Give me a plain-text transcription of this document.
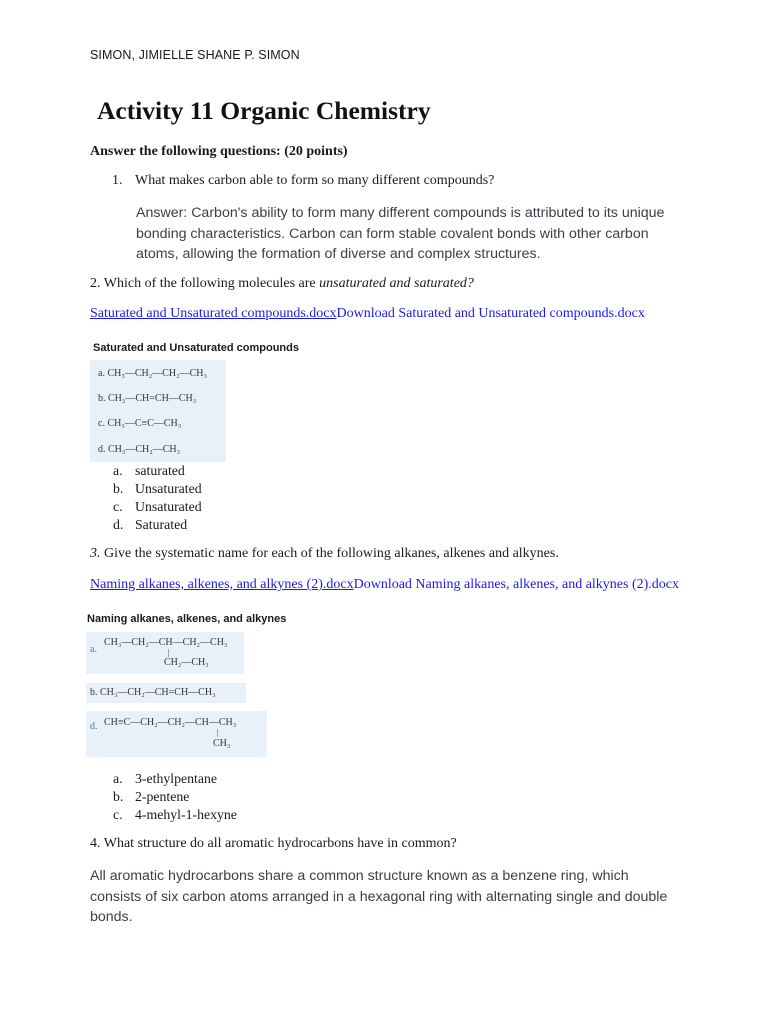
SIMON, JIMIELLE SHANE P. SIMON
Activity 11 Organic Chemistry
Answer the following questions: (20 points)
1. What makes carbon able to form so many different compounds?
Answer: Carbon's ability to form many different compounds is attributed to its unique bonding characteristics. Carbon can form stable covalent bonds with other carbon atoms, allowing the formation of diverse and complex structures.
2. Which of the following molecules are unsaturated and saturated?
Saturated and Unsaturated compounds.docxDownload Saturated and Unsaturated compounds.docx
Saturated and Unsaturated compounds
a. CH₃—CH₂—CH₂—CH₃
b. CH₃—CH=CH—CH₃
c. CH₃—C≡C—CH₃
d. CH₃—CH₂—CH₃
a. saturated
b. Unsaturated
c. Unsaturated
d. Saturated
3. Give the systematic name for each of the following alkanes, alkenes and alkynes.
Naming alkanes, alkenes, and alkynes (2).docxDownload Naming alkanes, alkenes, and alkynes (2).docx
Naming alkanes, alkenes, and alkynes
a.
CH₃—CH₂—CH—CH₂—CH₃
|
CH₂—CH₃
b. CH₃—CH₂—CH=CH—CH₃
d. CH≡C—CH₂—CH₂—CH—CH₃
|
CH₃
a. 3-ethylpentane
b. 2-pentene
c. 4-mehyl-1-hexyne
4. What structure do all aromatic hydrocarbons have in common?
All aromatic hydrocarbons share a common structure known as a benzene ring, which consists of six carbon atoms arranged in a hexagonal ring with alternating single and double bonds.
